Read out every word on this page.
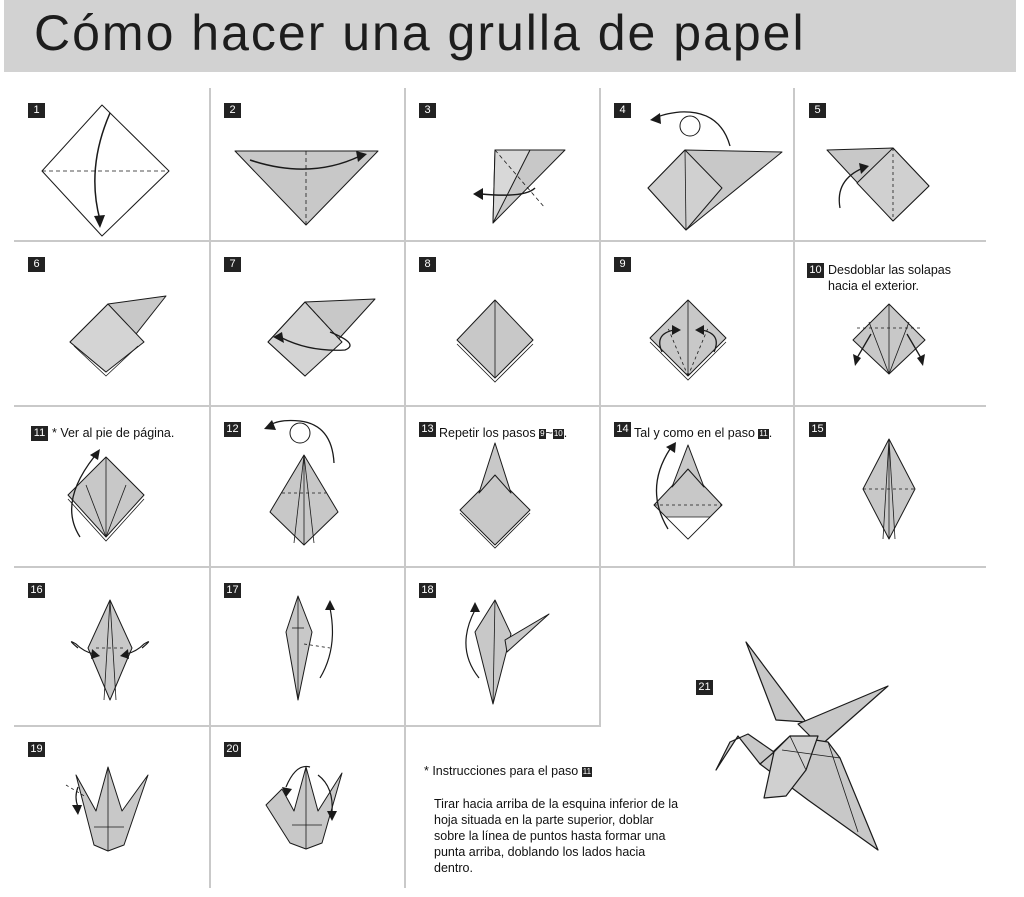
Cómo hacer una grulla de papel
1	2	3	4	5
6	7	8	9	10 Desdoblar las solapas
hacia el exterior.
11 * Ver al pie de página.	12	13 Repetir los pasos 9~10.	14 Tal y como en el paso 11.	15
16	17	18
19	20

* Instrucciones para el paso 11

Tirar hacia arriba de la esquina inferior de la hoja situada en la parte superior, doblar sobre la línea de puntos hasta formar una punta arriba, doblando los lados hacia dentro.

21
